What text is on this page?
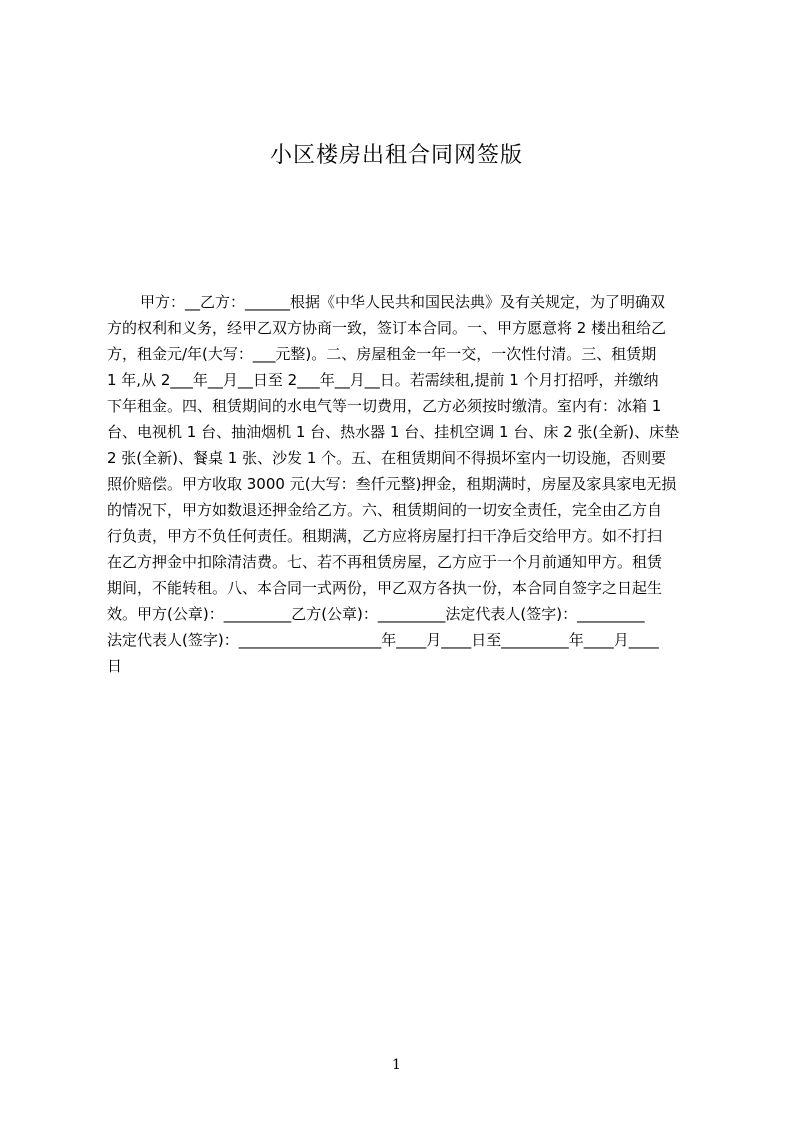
小区楼房出租合同网签版
甲方：__乙方：______根据《中华人民共和国民法典》及有关规定，为了明确双
方的权利和义务，经甲乙双方协商一致，签订本合同。一、甲方愿意将 2 楼出租给乙
方，租金元/年(大写：___元整)。二、房屋租金一年一交，一次性付清。三、租赁期
1 年,从 2___年__月__日至 2___年__月__日。若需续租,提前 1 个月打招呼，并缴纳
下年租金。四、租赁期间的水电气等一切费用，乙方必须按时缴清。室内有：冰箱 1
台、电视机 1 台、抽油烟机 1 台、热水器 1 台、挂机空调 1 台、床 2 张(全新)、床垫
2 张(全新)、餐桌 1 张、沙发 1 个。五、在租赁期间不得损坏室内一切设施，否则要
照价赔偿。甲方收取 3000 元(大写：叁仟元整)押金，租期满时，房屋及家具家电无损
的情况下，甲方如数退还押金给乙方。六、租赁期间的一切安全责任，完全由乙方自
行负责，甲方不负任何责任。租期满，乙方应将房屋打扫干净后交给甲方。如不打扫
在乙方押金中扣除清洁费。七、若不再租赁房屋，乙方应于一个月前通知甲方。租赁
期间，不能转租。八、本合同一式两份，甲乙双方各执一份，本合同自签字之日起生
效。甲方(公章)：_________乙方(公章)：_________法定代表人(签字)：_________
法定代表人(签字)：___________________年____月____日至_________年____月____
日
1
